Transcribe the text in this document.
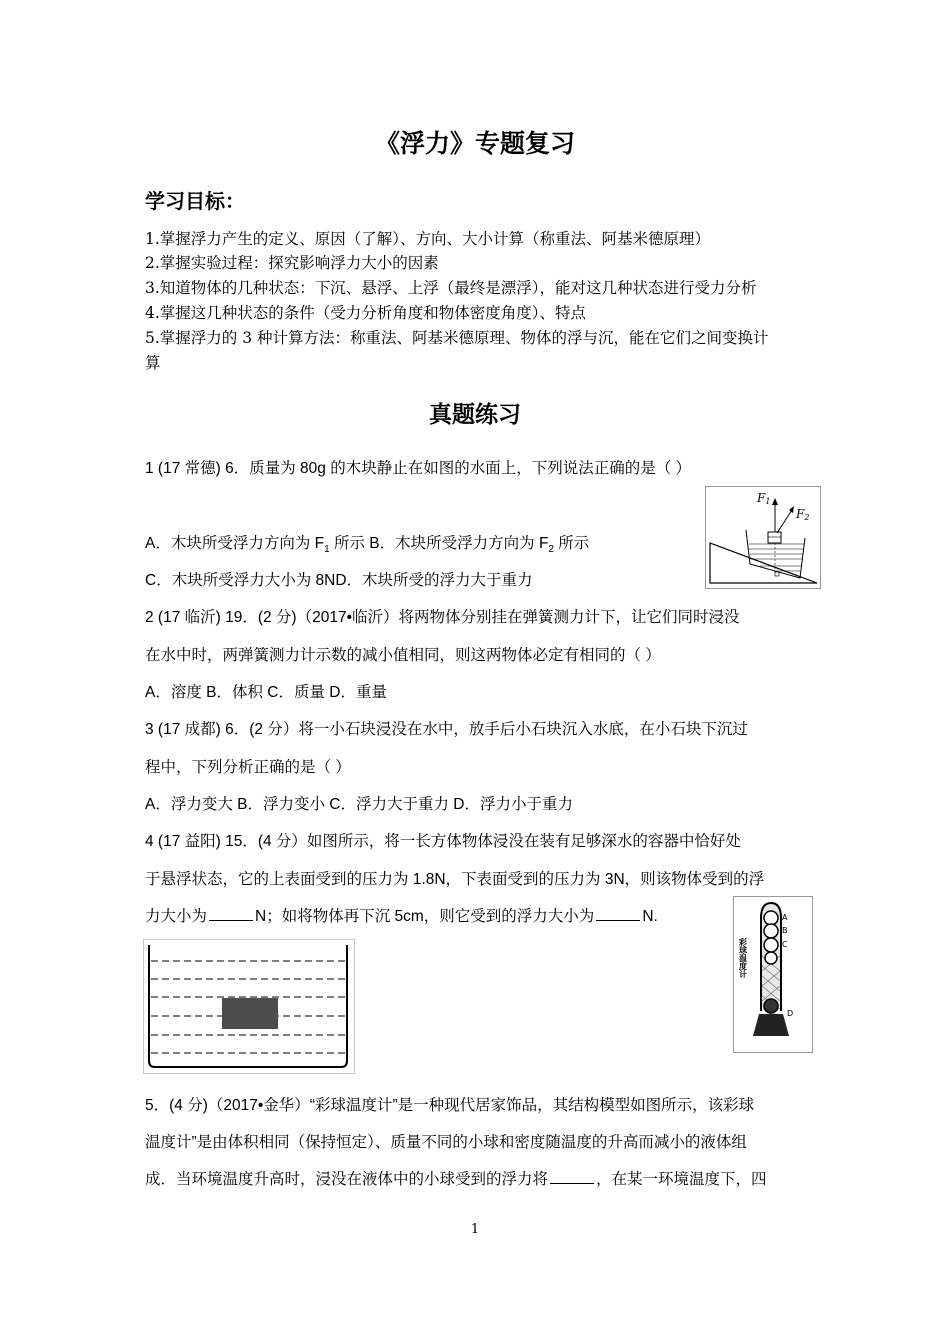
《浮力》专题复习
学习目标：
1.掌握浮力产生的定义、原因（了解）、方向、大小计算（称重法、阿基米德原理）
2.掌握实验过程：探究影响浮力大小的因素
3.知道物体的几种状态：下沉、悬浮、上浮（最终是漂浮），能对这几种状态进行受力分析
4.掌握这几种状态的条件（受力分析角度和物体密度角度）、特点
5.掌握浮力的 3 种计算方法：称重法、阿基米德原理、物体的浮与沉，能在它们之间变换计
算
真题练习
1 (17 常德) 6．质量为 80g 的木块静止在如图的水面上，下列说法正确的是（ ）
A．木块所受浮力方向为 $F_1$ 所示 B．木块所受浮力方向为 $F_2$ 所示
C．木块所受浮力大小为 8ND．木块所受的浮力大于重力
F1
F2
2 (17 临沂) 19．(2 分)（2017•临沂）将两物体分别挂在弹簧测力计下，让它们同时浸没
在水中时，两弹簧测力计示数的减小值相同，则这两物体必定有相同的（ ）
A．溶度 B．体积 C．质量 D．重量
3 (17 成都) 6．(2 分）将一小石块浸没在水中，放手后小石块沉入水底，在小石块下沉过
程中，下列分析正确的是（ ）
A．浮力变大 B．浮力变小 C．浮力大于重力 D．浮力小于重力
4 (17 益阳) 15．(4 分）如图所示，将一长方体物体浸没在装有足够深水的容器中恰好处
于悬浮状态，它的上表面受到的压力为 1.8N，下表面受到的压力为 3N，则该物体受到的浮
力大小为	N；如将物体再下沉 5cm，则它受到的浮力大小为	N.	A
B
C
D
彩球温度计
5．(4 分)（2017•金华）“彩球温度计”是一种现代居家饰品，其结构模型如图所示，该彩球
温度计”是由体积相同（保持恒定）、质量不同的小球和密度随温度的升高而减小的液体组
成．当环境温度升高时，浸没在液体中的小球受到的浮力将	，在某一环境温度下，四
1
